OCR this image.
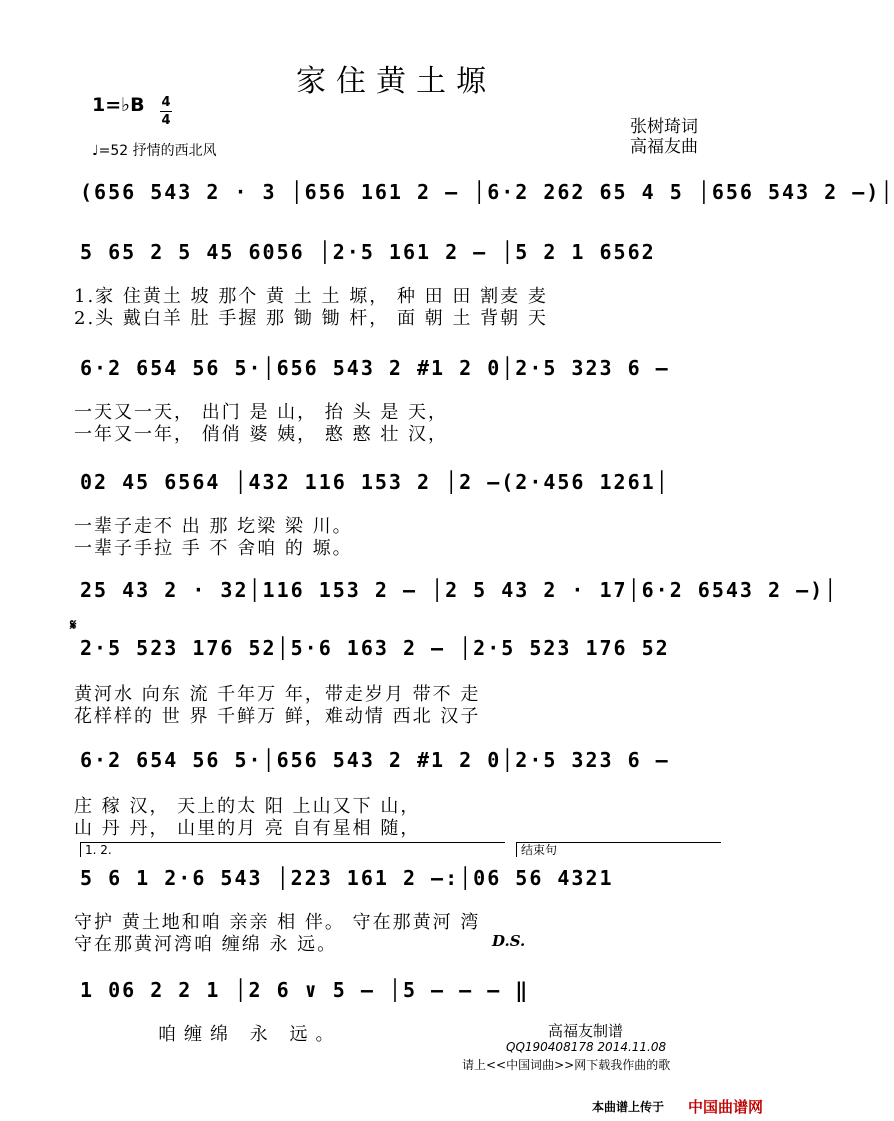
家住黄土塬
1=♭B 4
4
♩=52 抒情的西北风
张树琦词
高福友曲
(656 543 2 · 3 │656 161 2 – │6·2 262 65 4 5 │656 543 2 –)│
5 65 2 5 45 6056 │2·5 161 2 – │5 2 1 6562
1.家 住黄土 坡 那个 黄 土 土 塬， 种 田 田 割麦 麦
2.头 戴白羊 肚 手握 那 锄 锄 杆， 面 朝 土 背朝 天
6·2 654 56 5·│656 543 2 #1 2 0│2·5 323 6 –
一天又一天， 出门 是 山， 抬 头 是 天，
一年又一年， 俏俏 婆 姨， 憨 憨 壮 汉，
02 45 6564 │432 116 153 2 │2 –(2·456 1261│
一辈子走不 出 那 圪梁 梁 川。
一辈子手拉 手 不 舍咱 的 塬。
25 43 2 · 32│116 153 2 – │2 5 43 2 · 17│6·2 6543 2 –)│
𝄋
2·5 523 176 52│5·6 163 2 – │2·5 523 176 52
黄河水 向东 流 千年万 年，带走岁月 带不 走
花样样的 世 界 千鲜万 鲜，难动情 西北 汉子
6·2 654 56 5·│656 543 2 #1 2 0│2·5 323 6 –
庄 稼 汉， 天上的太 阳 上山又下 山，
山 丹 丹， 山里的月 亮 自有星相 随，
1. 2.	结束句
5 6 1 2·6 543 │223 161 2 –:│06 56 4321
守护 黄土地和咱 亲亲 相 伴。 守在那黄河 湾
守在那黄河湾咱 缠绵 永 远。	D.S.
1 06 2 2 1 │2 6 ∨ 5 – │5 – – – ‖
咱缠绵 永 远。	高福友制谱
QQ190408178 2014.11.08
请上<<中国词曲>>网下载我作曲的歌
本曲谱上传于 中国曲谱网
